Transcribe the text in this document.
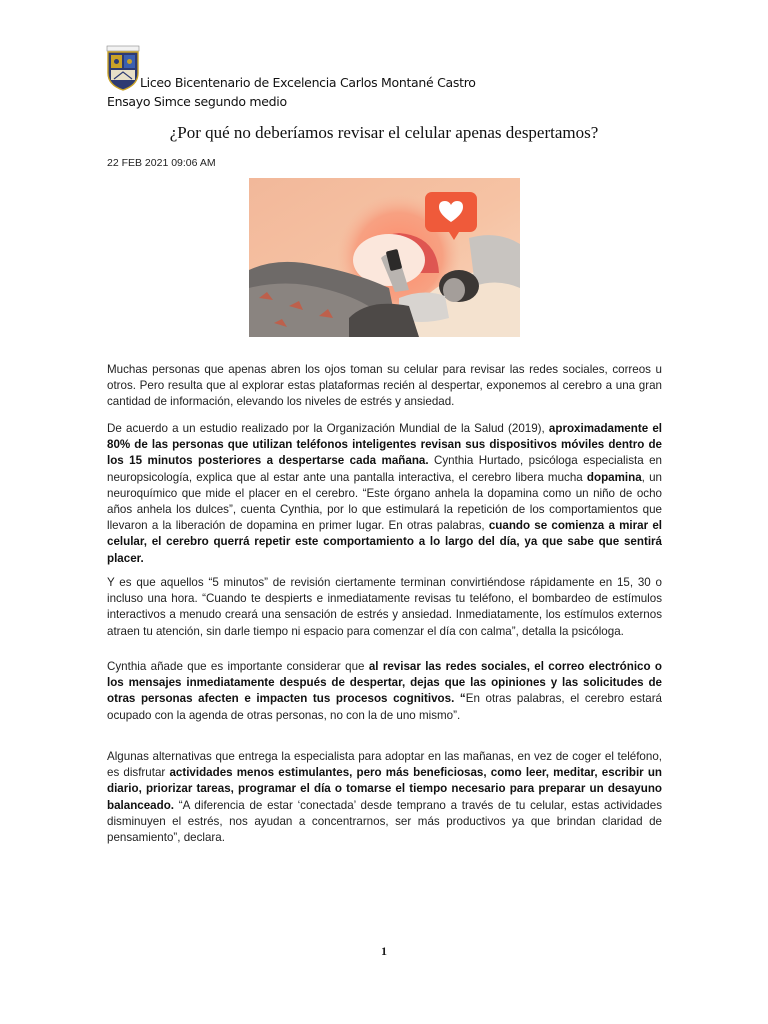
Liceo Bicentenario de Excelencia Carlos Montané Castro
Ensayo Simce segundo medio
¿Por qué no deberíamos revisar el celular apenas despertamos?
22 FEB 2021 09:06 AM

Muchas personas que apenas abren los ojos toman su celular para revisar las redes sociales, correos u otros. Pero resulta que al explorar estas plataformas recién al despertar, exponemos al cerebro a una gran cantidad de información, elevando los niveles de estrés y ansiedad.

De acuerdo a un estudio realizado por la Organización Mundial de la Salud (2019), aproximadamente el 80% de las personas que utilizan teléfonos inteligentes revisan sus dispositivos móviles dentro de los 15 minutos posteriores a despertarse cada mañana. Cynthia Hurtado, psicóloga especialista en neuropsicología, explica que al estar ante una pantalla interactiva, el cerebro libera mucha dopamina, un neuroquímico que mide el placer en el cerebro. “Este órgano anhela la dopamina como un niño de ocho años anhela los dulces”, cuenta Cynthia, por lo que estimulará la repetición de los comportamientos que llevaron a la liberación de dopamina en primer lugar. En otras palabras, cuando se comienza a mirar el celular, el cerebro querrá repetir este comportamiento a lo largo del día, ya que sabe que sentirá placer.

Y es que aquellos “5 minutos” de revisión ciertamente terminan convirtiéndose rápidamente en 15, 30 o incluso una hora. “Cuando te despierts e inmediatamente revisas tu teléfono, el bombardeo de estímulos interactivos a menudo creará una sensación de estrés y ansiedad. Inmediatamente, los estímulos externos atraen tu atención, sin darle tiempo ni espacio para comenzar el día con calma”, detalla la psicóloga.

Cynthia añade que es importante considerar que al revisar las redes sociales, el correo electrónico o los mensajes inmediatamente después de despertar, dejas que las opiniones y las solicitudes de otras personas afecten e impacten tus procesos cognitivos. “En otras palabras, el cerebro estará ocupado con la agenda de otras personas, no con la de uno mismo”.

Algunas alternativas que entrega la especialista para adoptar en las mañanas, en vez de coger el teléfono, es disfrutar actividades menos estimulantes, pero más beneficiosas, como leer, meditar, escribir un diario, priorizar tareas, programar el día o tomarse el tiempo necesario para preparar un desayuno balanceado. “A diferencia de estar ‘conectada’ desde temprano a través de tu celular, estas actividades disminuyen el estrés, nos ayudan a concentrarnos, ser más productivos ya que brindan claridad de pensamiento”, declara.

1
